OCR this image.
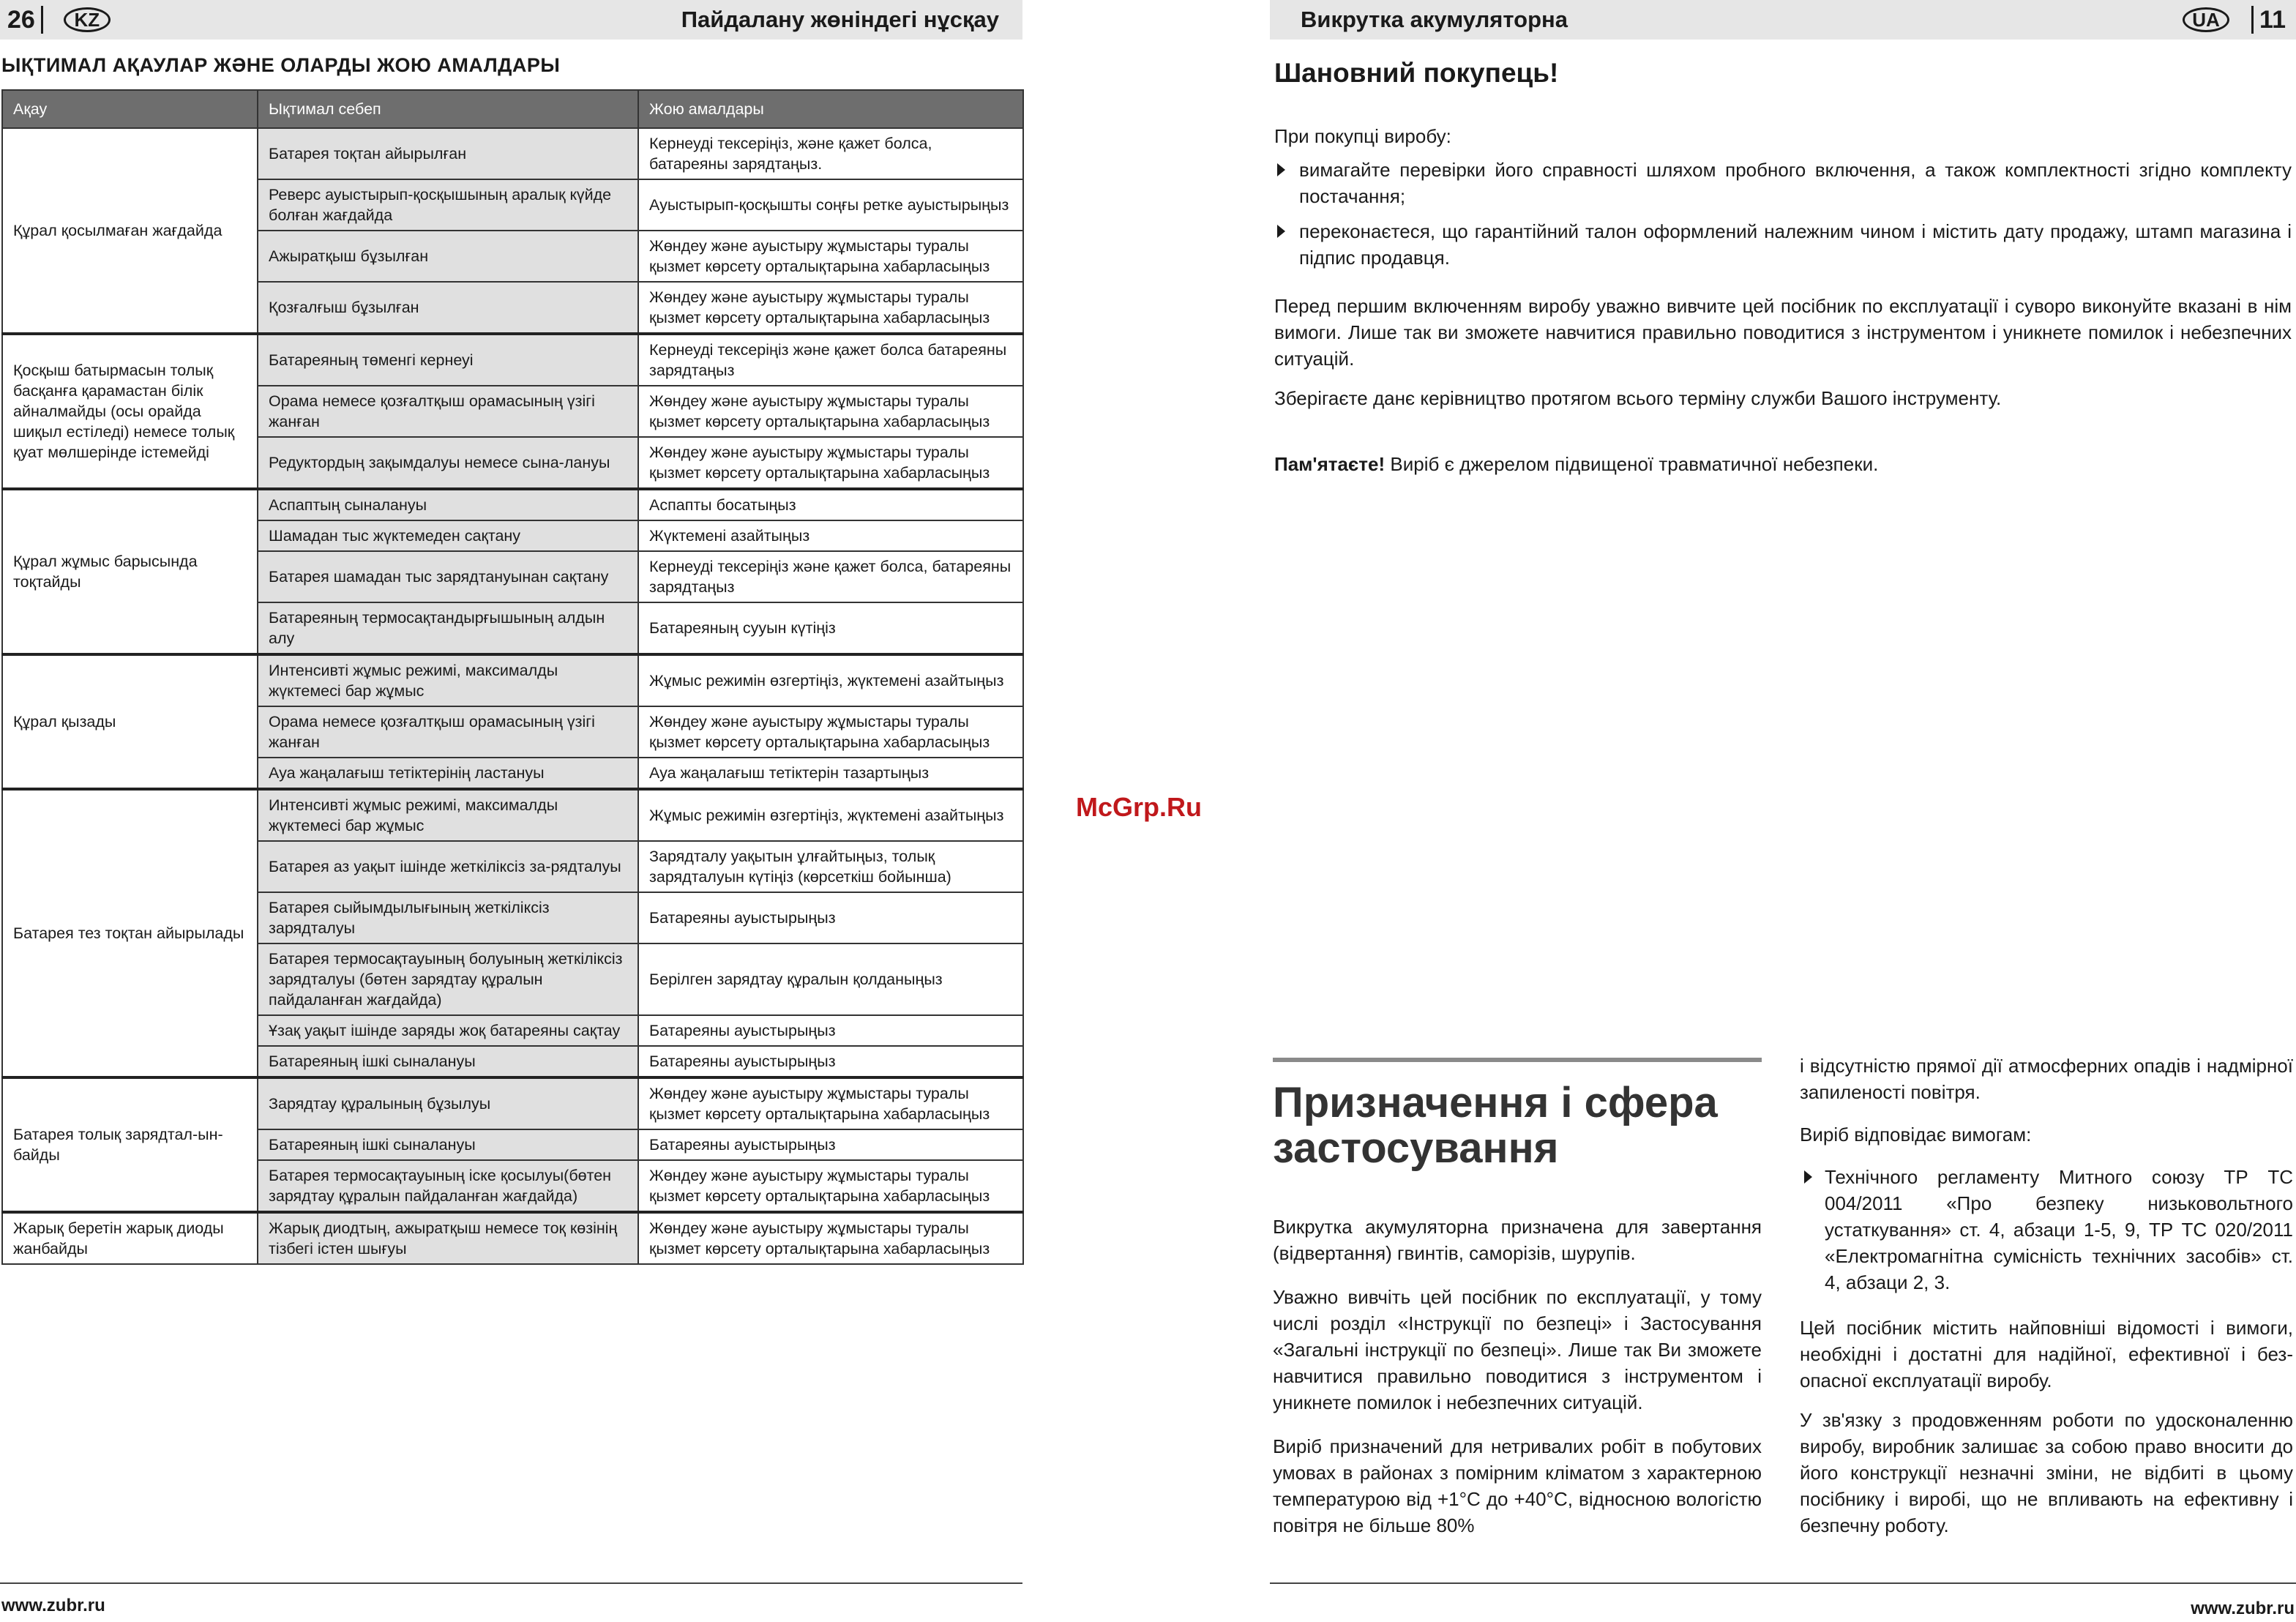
26	KZ	Пайдалану жөніндегі нұсқау
ЫҚТИМАЛ АҚАУЛАР ЖӘНЕ ОЛАРДЫ ЖОЮ АМАЛДАРЫ
Ақау	Ықтимал себеп	Жою амалдары
Құрал қосылмаған жағдайда	Батарея тоқтан айырылған	Кернеуді тексеріңіз, және қажет болса, батареяны зарядтаңыз.
	Реверс ауыстырып-қосқышының аралық күйде болған жағдайда	Ауыстырып-қосқышты соңғы ретке ауыстырыңыз
	Ажыратқыш бұзылған	Жөндеу және ауыстыру жұмыстары туралы қызмет көрсету орталықтарына хабарласыңыз
	Қозғалғыш бұзылған	Жөндеу және ауыстыру жұмыстары туралы қызмет көрсету орталықтарына хабарласыңыз
Қосқыш батырмасын толық басқанға қарамастан білік айналмайды (осы орайда шиқыл естіледі) немесе толық қуат мөлшерінде істемейді	Батареяның төменгі кернеуі	Кернеуді тексеріңіз және қажет болса батареяны зарядтаңыз
	Орама немесе қозғалтқыш орамасының үзігі жанған	Жөндеу және ауыстыру жұмыстары туралы қызмет көрсету орталықтарына хабарласыңыз
	Редуктордың зақымдалуы немесе сына-лануы	Жөндеу және ауыстыру жұмыстары туралы қызмет көрсету орталықтарына хабарласыңыз
Құрал жұмыс барысында тоқтайды	Аспаптың сыналануы	Аспапты босатыңыз
	Шамадан тыс жүктемеден сақтану	Жүктемені азайтыңыз
	Батарея шамадан тыс зарядтануынан сақтану	Кернеуді тексеріңіз және қажет болса, батареяны зарядтаңыз
	Батареяның термосақтандырғышының алдын алу	Батареяның сууын күтіңіз
Құрал қызады	Интенсивті жұмыс режимі, максималды жүктемесі бар жұмыс	Жұмыс режимін өзгертіңіз, жүктемені азайтыңыз
	Орама немесе қозғалтқыш орамасының үзігі жанған	Жөндеу және ауыстыру жұмыстары туралы қызмет көрсету орталықтарына хабарласыңыз
	Ауа жаңалағыш тетіктерінің ластануы	Ауа жаңалағыш тетіктерін тазартыңыз
Батарея тез тоқтан айырылады	Интенсивті жұмыс режимі, максималды жүктемесі бар жұмыс	Жұмыс режимін өзгертіңіз, жүктемені азайтыңыз
	Батарея аз уақыт ішінде жеткіліксіз за-рядталуы	Зарядталу уақытын ұлғайтыңыз, толық зарядталуын күтіңіз (көрсеткіш бойынша)
	Батарея сыйымдылығының жеткіліксіз зарядталуы	Батареяны ауыстырыңыз
	Батарея термосақтауының болуының жеткіліксіз зарядталуы (бөтен зарядтау құралын пайдаланған жағдайда)	Берілген зарядтау құралын қолданыңыз
	Ұзақ уақыт ішінде заряды жоқ батареяны сақтау	Батареяны ауыстырыңыз
	Батареяның ішкі сыналануы	Батареяны ауыстырыңыз
Батарея толық зарядтал-ын-байды	Зарядтау құралының бұзылуы	Жөндеу және ауыстыру жұмыстары туралы қызмет көрсету орталықтарына хабарласыңыз
	Батареяның ішкі сыналануы	Батареяны ауыстырыңыз
	Батарея термосақтауының іске қосылуы(бөтен зарядтау құралын пайдаланған жағдайда)	Жөндеу және ауыстыру жұмыстары туралы қызмет көрсету орталықтарына хабарласыңыз
Жарық беретін жарық диоды жанбайды	Жарық диодтың, ажыратқыш немесе тоқ көзінің тізбегі істен шығуы	Жөндеу және ауыстыру жұмыстары туралы қызмет көрсету орталықтарына хабарласыңыз
www.zubr.ru
McGrp.Ru
Викрутка акумуляторна	UA	11
Шановний покупець!

При покупці виробу:

вимагайте перевірки його справності шляхом пробного включення, а також комплектності згідно комплекту постачання;
переконаєтеся, що гарантійний талон оформлений належним чином і містить дату продажу, штамп магазина і підпис продавця.

Перед першим включенням виробу уважно вивчите цей посібник по експлуатації і суворо виконуйте вказані в нім вимоги. Лише так ви зможете навчитися правильно поводитися з інструментом і уникнете помилок і небезпечних ситуацій.

Зберігаєте данє керівництво протягом всього терміну служби Вашого інструменту.

Пам'ятаєте! Виріб є джерелом підвищеної травматичної небезпеки.

Призначення і сфера застосування

Викрутка акумуляторна призначена для завертання (відвертання) гвинтів, саморізів, шурупів.

Уважно вивчіть цей посібник по експлуатації, у тому числі розділ «Інструкції по безпеці» і Застосування «Загальні інструкції по безпеці». Лише так Ви зможете навчитися правильно поводитися з інструментом і уникнете помилок і небезпечних ситуацій.

Виріб призначений для нетривалих робіт в побутових умовах в районах з помірним кліматом з характерною температурою від +1°С до +40°С, відносною вологістю повітря не більше 80%

і відсутністю прямої дії атмосферних опадів і надмірної запиленості повітря.

Виріб відповідає вимогам:

Технічного регламенту Митного союзу ТР ТС 004/2011 «Про безпеку низьковольтного устаткування» ст. 4, абзаци 1-5, 9, ТР ТС 020/2011 «Електромагнітна сумісність технічних засобів» ст. 4, абзаци 2, 3.

Цей посібник містить найповніші відомості і вимоги, необхідні і достатні для надійної, ефективної і без-опасної експлуатації виробу.

У зв'язку з продовженням роботи по удосконаленню виробу, виробник залишає за собою право вносити до його конструкції незначні зміни, не відбиті в цьому посібнику і виробі, що не впливають на ефективну і безпечну роботу.

www.zubr.ru
